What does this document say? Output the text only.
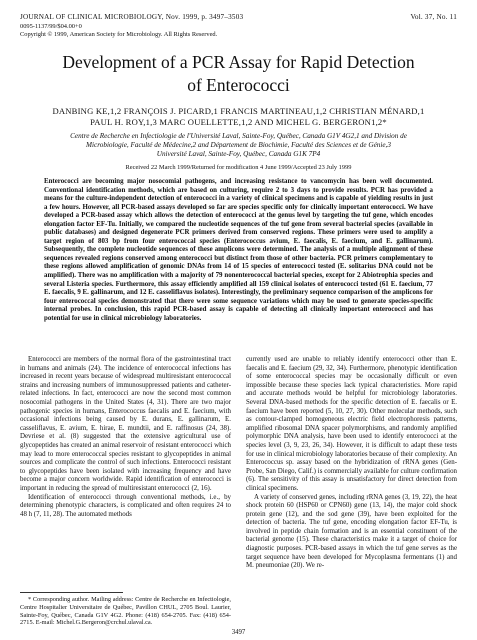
JOURNAL OF CLINICAL MICROBIOLOGY, Nov. 1999, p. 3497–3503	Vol. 37, No. 11
0095-1137/99/$04.00+0
Copyright © 1999, American Society for Microbiology. All Rights Reserved.
Development of a PCR Assay for Rapid Detection
of Enterococci
DANBING KE,1,2 FRANÇOIS J. PICARD,1 FRANCIS MARTINEAU,1,2 CHRISTIAN MÉNARD,1
PAUL H. ROY,1,3 MARC OUELLETTE,1,2 AND MICHEL G. BERGERON1,2*
Centre de Recherche en Infectiologie de l'Université Laval, Sainte-Foy, Québec, Canada G1V 4G2,1 and Division de
Microbiologie, Faculté de Médecine,2 and Département de Biochimie, Faculté des Sciences et de Génie,3
Université Laval, Sainte-Foy, Québec, Canada G1K 7P4
Received 22 March 1999/Returned for modification 4 June 1999/Accepted 23 July 1999
Enterococci are becoming major nosocomial pathogens, and increasing resistance to vancomycin has been well documented. Conventional identification methods, which are based on culturing, require 2 to 3 days to provide results. PCR has provided a means for the culture-independent detection of enterococci in a variety of clinical specimens and is capable of yielding results in just a few hours. However, all PCR-based assays developed so far are species specific only for clinically important enterococci. We have developed a PCR-based assay which allows the detection of enterococci at the genus level by targeting the tuf gene, which encodes elongation factor EF-Tu. Initially, we compared the nucleotide sequences of the tuf gene from several bacterial species (available in public databases) and designed degenerate PCR primers derived from conserved regions. These primers were used to amplify a target region of 803 bp from four enterococcal species (Enterococcus avium, E. faecalis, E. faecium, and E. gallinarum). Subsequently, the complete nucleotide sequences of these amplicons were determined. The analysis of a multiple alignment of these sequences revealed regions conserved among enterococci but distinct from those of other bacteria. PCR primers complementary to these regions allowed amplification of genomic DNAs from 14 of 15 species of enterococci tested (E. solitarius DNA could not be amplified). There was no amplification with a majority of 79 nonenterococcal bacterial species, except for 2 Abiotrophia species and several Listeria species. Furthermore, this assay efficiently amplified all 159 clinical isolates of enterococci tested (61 E. faecium, 77 E. faecalis, 9 E. gallinarum, and 12 E. casseliflavus isolates). Interestingly, the preliminary sequence comparison of the amplicons for four enterococcal species demonstrated that there were some sequence variations which may be used to generate species-specific internal probes. In conclusion, this rapid PCR-based assay is capable of detecting all clinically important enterococci and has potential for use in clinical microbiology laboratories.

Enterococci are members of the normal flora of the gastrointestinal tract in humans and animals (24). The incidence of enterococcal infections has increased in recent years because of widespread multiresistant enterococcal strains and increasing numbers of immunosuppressed patients and catheter-related infections. In fact, enterococci are now the second most common nosocomial pathogens in the United States (4, 31). There are two major pathogenic species in humans, Enterococcus faecalis and E. faecium, with occasional infections being caused by E. durans, E. gallinarum, E. casseliflavus, E. avium, E. hirae, E. mundtii, and E. raffinosus (24, 38). Devriese et al. (8) suggested that the extensive agricultural use of glycopeptides has created an animal reservoir of resistant enterococci which may lead to more enterococcal species resistant to glycopeptides in animal sources and complicate the control of such infections. Enterococci resistant to glycopeptides have been isolated with increasing frequency and have become a major concern worldwide. Rapid identification of enterococci is important in reducing the spread of multiresistant enterococci (2, 16).

Identification of enterococci through conventional methods, i.e., by determining phenotypic characters, is complicated and often requires 24 to 48 h (7, 11, 28). The automated methods

* Corresponding author. Mailing address: Centre de Recherche en Infectiologie, Centre Hospitalier Universitaire de Québec, Pavillon CHUL, 2705 Boul. Laurier, Sainte-Foy, Québec, Canada G1V 4G2. Phone: (418) 654-2705. Fax: (418) 654-2715. E-mail: Michel.G.Bergeron@crchul.ulaval.ca.

currently used are unable to reliably identify enterococci other than E. faecalis and E. faecium (29, 32, 34). Furthermore, phenotypic identification of some enterococcal species may be occasionally difficult or even impossible because these species lack typical characteristics. More rapid and accurate methods would be helpful for microbiology laboratories. Several DNA-based methods for the specific detection of E. faecalis or E. faecium have been reported (5, 10, 27, 30). Other molecular methods, such as contour-clamped homogeneous electric field electrophoresis patterns, amplified ribosomal DNA spacer polymorphisms, and randomly amplified polymorphic DNA analysis, have been used to identify enterococci at the species level (3, 9, 23, 26, 34). However, it is difficult to adapt these tests for use in clinical microbiology laboratories because of their complexity. An Enterococcus sp. assay based on the hybridization of rRNA genes (Gen-Probe, San Diego, Calif.) is commercially available for culture confirmation (6). The sensitivity of this assay is unsatisfactory for direct detection from clinical specimens.

A variety of conserved genes, including rRNA genes (3, 19, 22), the heat shock protein 60 (HSP60 or CPN60) gene (13, 14), the major cold shock protein gene (12), and the sod gene (39), have been exploited for the detection of bacteria. The tuf gene, encoding elongation factor EF-Tu, is involved in peptide chain formation and is an essential constituent of the bacterial genome (15). These characteristics make it a target of choice for diagnostic purposes. PCR-based assays in which the tuf gene serves as the target sequence have been developed for Mycoplasma fermentans (1) and M. pneumoniae (20). We re-

3497
